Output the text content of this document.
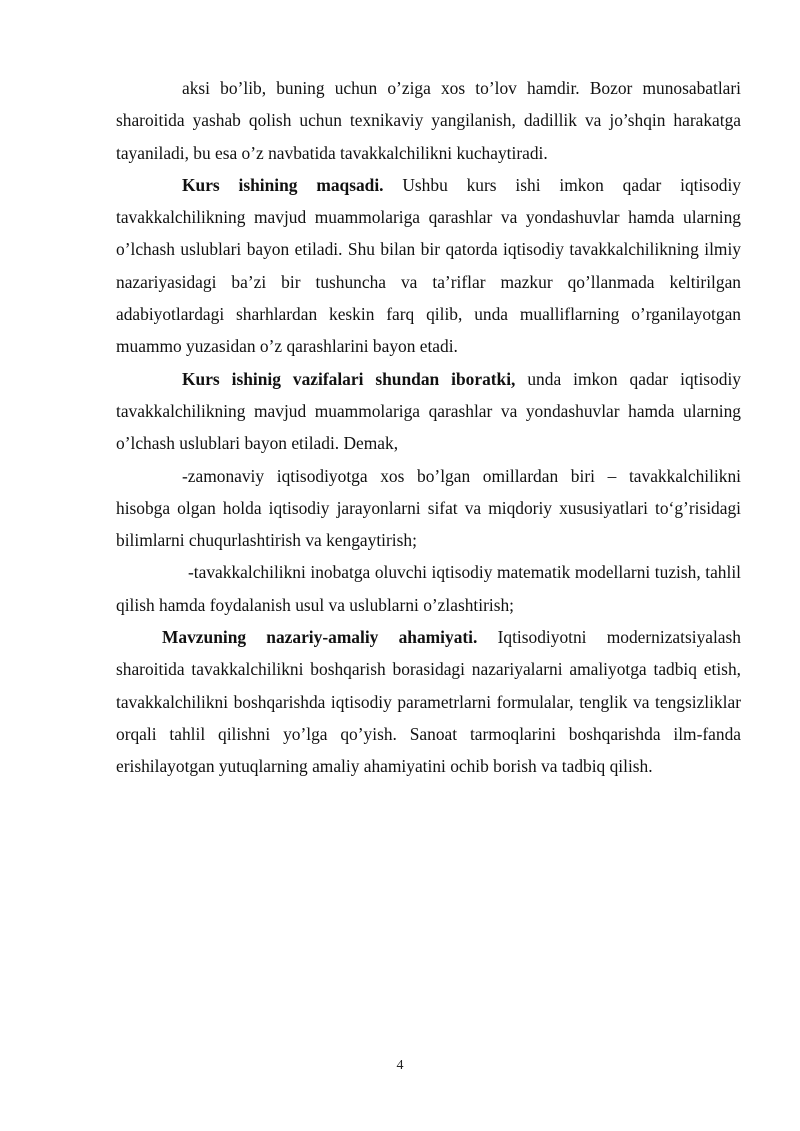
aksi bo’lib, buning uchun o’ziga xos to’lov hamdir. Bozor munosabatlari sharoitida yashab qolish uchun texnikaviy yangilanish, dadillik va jo’shqin harakatga tayaniladi, bu esa o’z navbatida tavakkalchilikni kuchaytiradi.

Kurs ishining maqsadi. Ushbu kurs ishi imkon qadar iqtisodiy tavakkalchilikning mavjud muammolariga qarashlar va yondashuvlar hamda ularning o’lchash uslublari bayon etiladi. Shu bilan bir qatorda iqtisodiy tavakkalchilikning ilmiy nazariyasidagi ba’zi bir tushuncha va ta’riflar mazkur qo’llanmada keltirilgan adabiyotlardagi sharhlardan keskin farq qilib, unda mualliflarning o’rganilayotgan muammo yuzasidan o’z qarashlarini bayon etadi.

Kurs ishinig vazifalari shundan iboratki, unda imkon qadar iqtisodiy tavakkalchilikning mavjud muammolariga qarashlar va yondashuvlar hamda ularning o’lchash uslublari bayon etiladi. Demak,

-zamonaviy iqtisodiyotga xos bo’lgan omillardan biri – tavakkalchilikni hisobga olgan holda iqtisodiy jarayonlarni sifat va miqdoriy xususiyatlari to‘g’risidagi bilimlarni chuqurlashtirish va kengaytirish;

-tavakkalchilikni inobatga oluvchi iqtisodiy matematik modellarni tuzish, tahlil qilish hamda foydalanish usul va uslublarni o’zlashtirish;

Mavzuning nazariy-amaliy ahamiyati. Iqtisodiyotni modernizatsiyalash sharoitida tavakkalchilikni boshqarish borasidagi nazariyalarni amaliyotga tadbiq etish, tavakkalchilikni boshqarishda iqtisodiy parametrlarni formulalar, tenglik va tengsizliklar orqali tahlil qilishni yo’lga qo’yish. Sanoat tarmoqlarini boshqarishda ilm-fanda erishilayotgan yutuqlarning amaliy ahamiyatini ochib borish va tadbiq qilish.

4
